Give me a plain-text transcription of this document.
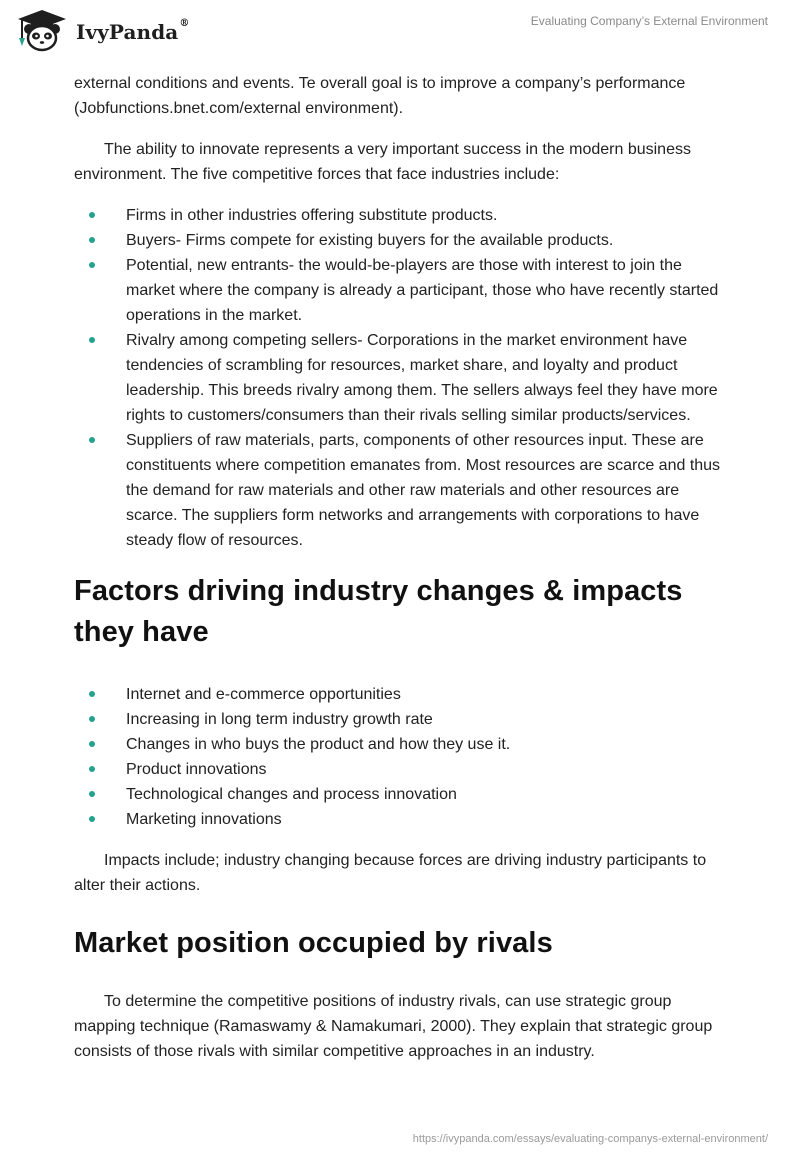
IvyPanda®	Evaluating Company’s External Environment

external conditions and events. Te overall goal is to improve a company’s performance (Jobfunctions.bnet.com/external environment).

The ability to innovate represents a very important success in the modern business environment. The five competitive forces that face industries include:

Firms in other industries offering substitute products.
Buyers- Firms compete for existing buyers for the available products.
Potential, new entrants- the would-be-players are those with interest to join the market where the company is already a participant, those who have recently started operations in the market.
Rivalry among competing sellers- Corporations in the market environment have tendencies of scrambling for resources, market share, and loyalty and product leadership. This breeds rivalry among them. The sellers always feel they have more rights to customers/consumers than their rivals selling similar products/services.
Suppliers of raw materials, parts, components of other resources input. These are constituents where competition emanates from. Most resources are scarce and thus the demand for raw materials and other raw materials and other resources are scarce. The suppliers form networks and arrangements with corporations to have steady flow of resources.
Factors driving industry changes & impacts they have
Internet and e-commerce opportunities
Increasing in long term industry growth rate
Changes in who buys the product and how they use it.
Product innovations
Technological changes and process innovation
Marketing innovations

Impacts include; industry changing because forces are driving industry participants to alter their actions.

Market position occupied by rivals

To determine the competitive positions of industry rivals, can use strategic group mapping technique (Ramaswamy & Namakumari, 2000). They explain that strategic group consists of those rivals with similar competitive approaches in an industry.

https://ivypanda.com/essays/evaluating-companys-external-environment/
